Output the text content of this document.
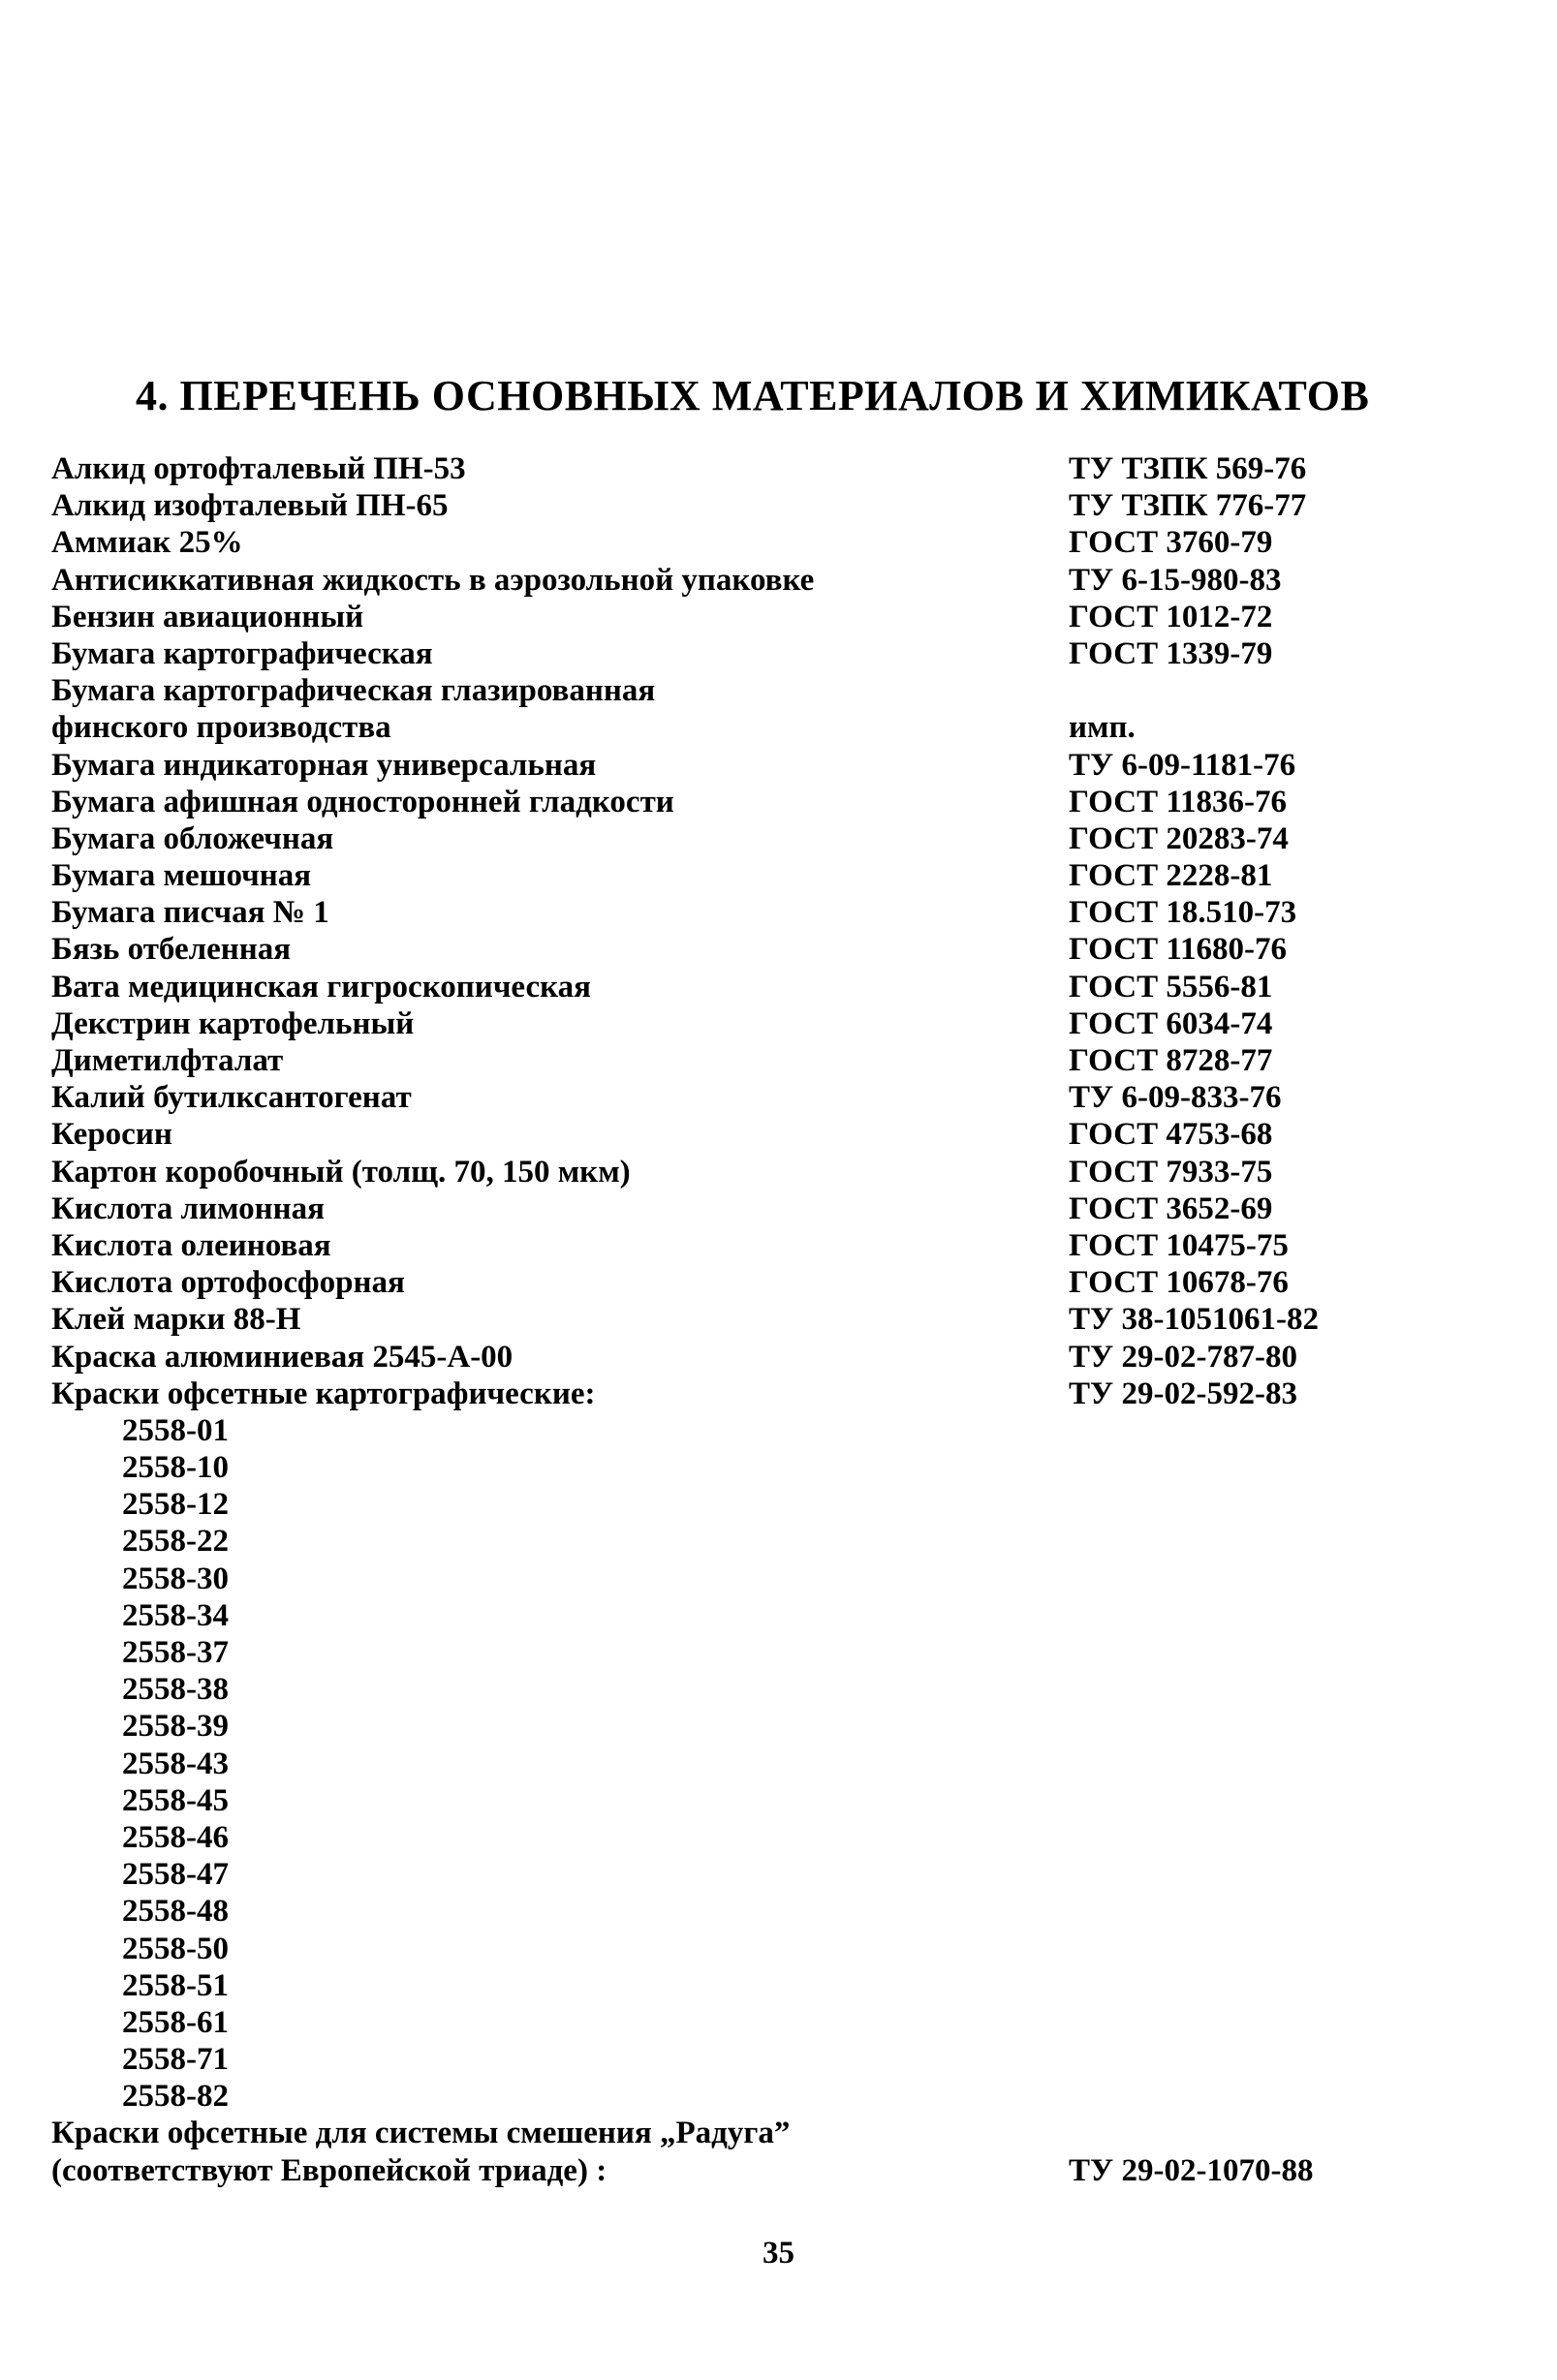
4. ПЕРЕЧЕНЬ ОСНОВНЫХ МАТЕРИАЛОВ И ХИМИКАТОВ
Алкид ортофталевый ПН-53	ТУ ТЗПК 569-76
Алкид изофталевый ПН-65	ТУ ТЗПК 776-77
Аммиак 25%	ГОСТ 3760-79
Антисиккативная жидкость в аэрозольной упаковке	ТУ 6-15-980-83
Бензин авиационный	ГОСТ 1012-72
Бумага картографическая	ГОСТ 1339-79
Бумага картографическая глазированная
финского производства	имп.
Бумага индикаторная универсальная	ТУ 6-09-1181-76
Бумага афишная односторонней гладкости	ГОСТ 11836-76
Бумага обложечная	ГОСТ 20283-74
Бумага мешочная	ГОСТ 2228-81
Бумага писчая № 1	ГОСТ 18.510-73
Бязь отбеленная	ГОСТ 11680-76
Вата медицинская гигроскопическая	ГОСТ 5556-81
Декстрин картофельный	ГОСТ 6034-74
Диметилфталат	ГОСТ 8728-77
Калий бутилксантогенат	ТУ 6-09-833-76
Керосин	ГОСТ 4753-68
Картон коробочный (толщ. 70, 150 мкм)	ГОСТ 7933-75
Кислота лимонная	ГОСТ 3652-69
Кислота олеиновая	ГОСТ 10475-75
Кислота ортофосфорная	ГОСТ 10678-76
Клей марки 88-Н	ТУ 38-1051061-82
Краска алюминиевая 2545-А-00	ТУ 29-02-787-80
Краски офсетные картографические:	ТУ 29-02-592-83
2558-01
2558-10
2558-12
2558-22
2558-30
2558-34
2558-37
2558-38
2558-39
2558-43
2558-45
2558-46
2558-47
2558-48
2558-50
2558-51
2558-61
2558-71
2558-82
Краски офсетные для системы смешения „Радуга”
(соответствуют Европейской триаде) :	ТУ 29-02-1070-88
35
